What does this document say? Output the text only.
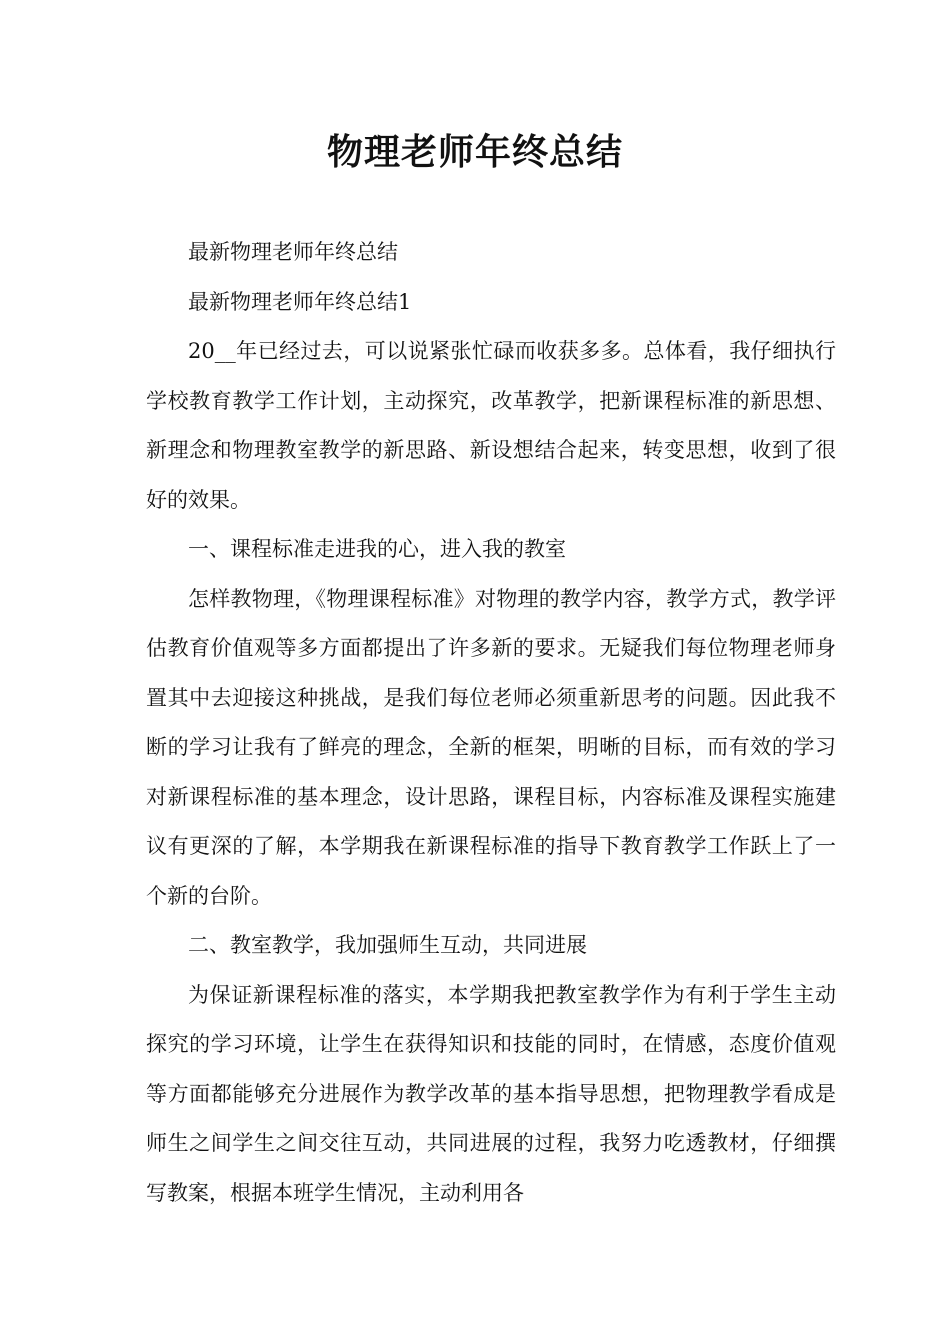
物理老师年终总结

最新物理老师年终总结

最新物理老师年终总结1

20__年已经过去，可以说紧张忙碌而收获多多。总体看，我仔细执行学校教育教学工作计划，主动探究，改革教学，把新课程标准的新思想、新理念和物理教室教学的新思路、新设想结合起来，转变思想，收到了很好的效果。

一、课程标准走进我的心，进入我的教室

怎样教物理，《物理课程标准》对物理的教学内容，教学方式，教学评估教育价值观等多方面都提出了许多新的要求。无疑我们每位物理老师身置其中去迎接这种挑战，是我们每位老师必须重新思考的问题。因此我不断的学习让我有了鲜亮的理念，全新的框架，明晰的目标，而有效的学习对新课程标准的基本理念，设计思路，课程目标，内容标准及课程实施建议有更深的了解，本学期我在新课程标准的指导下教育教学工作跃上了一个新的台阶。

二、教室教学，我加强师生互动，共同进展

为保证新课程标准的落实，本学期我把教室教学作为有利于学生主动探究的学习环境，让学生在获得知识和技能的同时，在情感，态度价值观等方面都能够充分进展作为教学改革的基本指导思想，把物理教学看成是师生之间学生之间交往互动，共同进展的过程，我努力吃透教材，仔细撰写教案，根据本班学生情况，主动利用各
